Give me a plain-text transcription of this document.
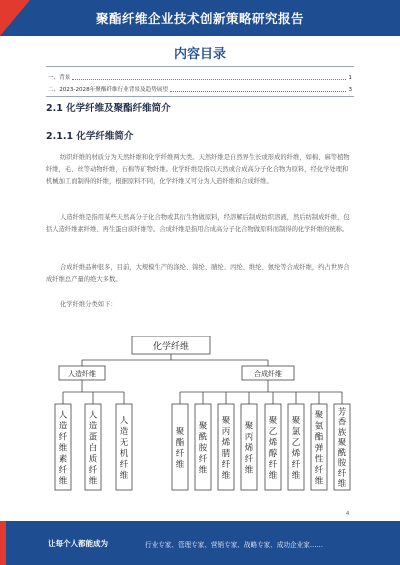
聚酯纤维企业技术创新策略研究报告
内容目录
一、背景	1
二、2023-2028年聚酯纤维行业背景及趋势展望	3
2.1 化学纤维及聚酯纤维简介
2.1.1 化学纤维简介
纺织纤维的材质分为天然纤维和化学纤维两大类。天然纤维是自然界生长或形成的纤维，如棉、麻等植物纤维，毛、丝等动物纤维，石棉等矿物纤维。化学纤维是指以天然或合成高分子化合物为原料，经化学处理和机械加工而制得的纤维，根据原料不同，化学纤维又可分为人造纤维和合成纤维。
人造纤维是指用某些天然高分子化合物或其衍生物做原料，经溶解后制成纺织溶液，然后纺制成纤维，包括人造纤维素纤维、再生蛋白质纤维等。合成纤维是指用合成高分子化合物做原料而制得的化学纤维的统称。
合成纤维品种很多，目前，大规模生产的涤纶、锦纶、腈纶、丙纶、维纶、氨纶等合成纤维，约占世界合成纤维总产量的绝大多数。
化学纤维分类如下：
化学纤维
人造纤维	合成纤维
人造纤维素纤维
人造蛋白质纤维
人造无机纤维
聚酯纤维
聚酰胺纤维
聚丙烯腈纤维
聚丙烯纤维
聚乙烯醇纤维
聚氯乙烯纤维
聚氨酯弹性纤维
芳香族聚酰胺纤维
4
让每个人都能成为	行业专家、管理专家、营销专家、战略专家、成功企业家……
